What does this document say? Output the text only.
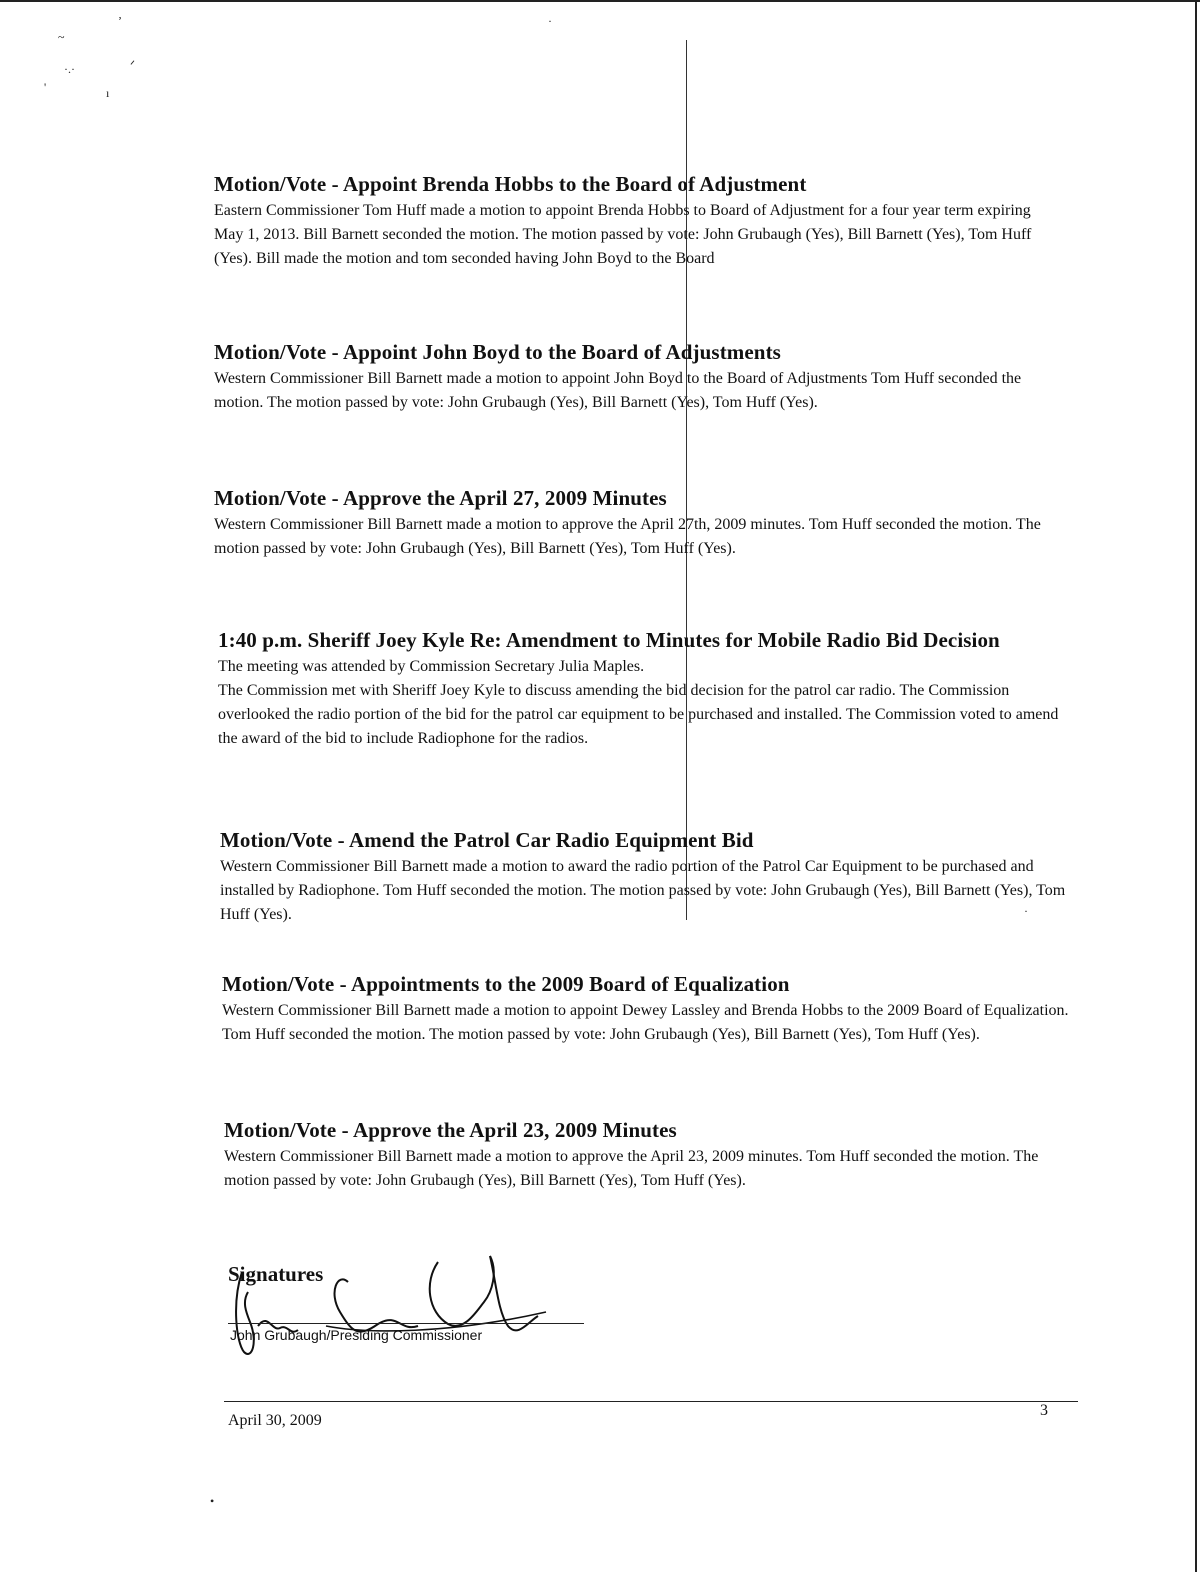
ʼ
~
·.·	ᐟ
'	ı
·
•
·
Motion/Vote - Appoint Brenda Hobbs to the Board of Adjustment

Eastern Commissioner Tom Huff made a motion to appoint Brenda Hobbs to Board of Adjustment for a four year term expiring May 1, 2013. Bill Barnett seconded the motion. The motion passed by vote: John Grubaugh (Yes), Bill Barnett (Yes), Tom Huff (Yes). Bill made the motion and tom seconded having John Boyd to the Board

Motion/Vote - Appoint John Boyd to the Board of Adjustments

Western Commissioner Bill Barnett made a motion to appoint John Boyd to the Board of Adjustments Tom Huff seconded the motion. The motion passed by vote: John Grubaugh (Yes), Bill Barnett (Yes), Tom Huff (Yes).

Motion/Vote - Approve the April 27, 2009 Minutes

Western Commissioner Bill Barnett made a motion to approve the April 27th, 2009 minutes. Tom Huff seconded the motion. The motion passed by vote: John Grubaugh (Yes), Bill Barnett (Yes), Tom Huff (Yes).

1:40 p.m. Sheriff Joey Kyle Re: Amendment to Minutes for Mobile Radio Bid Decision

The meeting was attended by Commission Secretary Julia Maples.

The Commission met with Sheriff Joey Kyle to discuss amending the bid decision for the patrol car radio. The Commission overlooked the radio portion of the bid for the patrol car equipment to be purchased and installed. The Commission voted to amend the award of the bid to include Radiophone for the radios.

Motion/Vote - Amend the Patrol Car Radio Equipment Bid

Western Commissioner Bill Barnett made a motion to award the radio portion of the Patrol Car Equipment to be purchased and installed by Radiophone. Tom Huff seconded the motion. The motion passed by vote: John Grubaugh (Yes), Bill Barnett (Yes), Tom Huff (Yes).

Motion/Vote - Appointments to the 2009 Board of Equalization

Western Commissioner Bill Barnett made a motion to appoint Dewey Lassley and Brenda Hobbs to the 2009 Board of Equalization. Tom Huff seconded the motion. The motion passed by vote: John Grubaugh (Yes), Bill Barnett (Yes), Tom Huff (Yes).

Motion/Vote - Approve the April 23, 2009 Minutes

Western Commissioner Bill Barnett made a motion to approve the April 23, 2009 minutes. Tom Huff seconded the motion. The motion passed by vote: John Grubaugh (Yes), Bill Barnett (Yes), Tom Huff (Yes).

Signatures
John Grubaugh/Presiding Commissioner
April 30, 2009
3
